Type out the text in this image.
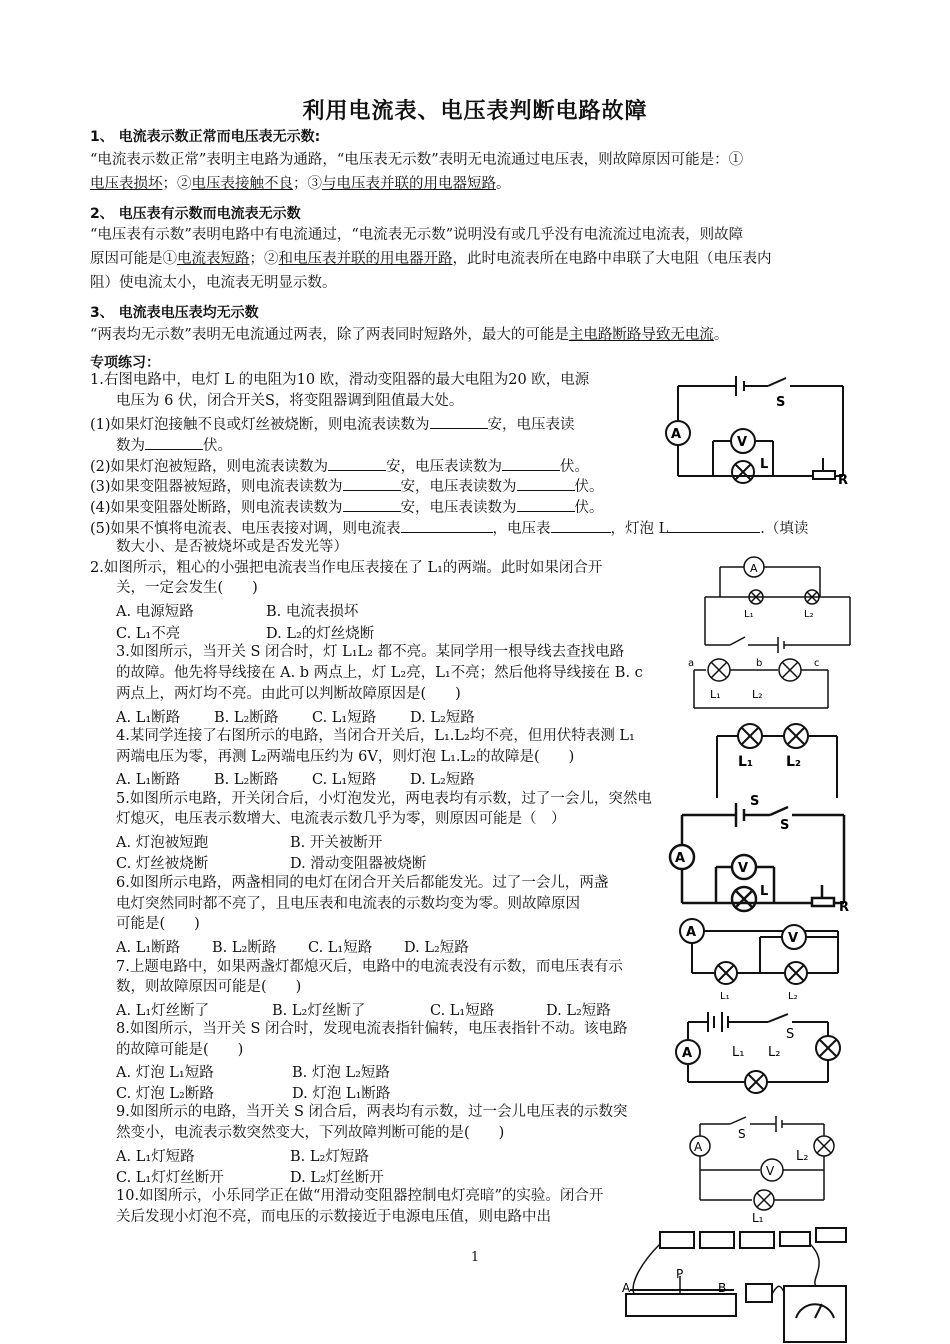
利用电流表、电压表判断电路故障
1、 电流表示数正常而电压表无示数:
“电流表示数正常”表明主电路为通路，“电压表无示数”表明无电流通过电压表，则故障原因可能是：①
电压表损坏；②电压表接触不良；③与电压表并联的用电器短路。
2、 电压表有示数而电流表无示数
“电压表有示数”表明电路中有电流通过，“电流表无示数”说明没有或几乎没有电流流过电流表，则故障
原因可能是①电流表短路；②和电压表并联的用电器开路，此时电流表所在电路中串联了大电阻（电压表内
阻）使电流太小，电流表无明显示数。
3、 电流表电压表均无示数
“两表均无示数”表明无电流通过两表，除了两表同时短路外，最大的可能是主电路断路导致无电流。
专项练习：
1.右图电路中，电灯 L 的电阻为10 欧，滑动变阻器的最大电阻为20 欧，电源
电压为 6 伏，闭合开关S，将变阻器调到阻值最大处。
(1)如果灯泡接触不良或灯丝被烧断，则电流表读数为	安，电压表读
数为	伏。
(2)如果灯泡被短路，则电流表读数为	安，电压表读数为	伏。
(3)如果变阻器被短路，则电流表读数为	安，电压表读数为	伏。
(4)如果变阻器处断路，则电流表读数为	安，电压表读数为	伏。
(5)如果不慎将电流表、电压表接对调，则电流表	，电压表	，灯泡 L	.（填读
数大小、是否被烧坏或是否发光等）
2.如图所示，粗心的小强把电流表当作电压表接在了 L₁的两端。此时如果闭合开
关，一定会发生(　　)
A. 电源短路	B. 电流表损坏
C. L₁不亮	D. L₂的灯丝烧断
3.如图所示，当开关 S 闭合时，灯 L₁L₂ 都不亮。某同学用一根导线去查找电路
的故障。他先将导线接在 A. b 两点上，灯 L₂亮，L₁不亮；然后他将导线接在 B. c
两点上，两灯均不亮。由此可以判断故障原因是(　　)
A. L₁断路 B. L₂断路 C. L₁短路 D. L₂短路
4.某同学连接了右图所示的电路，当闭合开关后，L₁.L₂均不亮，但用伏特表测 L₁
两端电压为零，再测 L₂两端电压约为 6V，则灯泡 L₁.L₂的故障是(　　)
A. L₁断路 B. L₂断路 C. L₁短路 D. L₂短路
5.如图所示电路，开关闭合后，小灯泡发光，两电表均有示数，过了一会儿，突然电
灯熄灭，电压表示数增大、电流表示数几乎为零，则原因可能是（　）
A. 灯泡被短跑	B. 开关被断开
C. 灯丝被烧断	D. 滑动变阻器被烧断
6.如图所示电路，两盏相同的电灯在闭合开关后都能发光。过了一会儿，两盏
电灯突然同时都不亮了，且电压表和电流表的示数均变为零。则故障原因
可能是(　　)
A. L₁断路 B. L₂断路 C. L₁短路 D. L₂短路
7.上题电路中，如果两盏灯都熄灭后，电路中的电流表没有示数，而电压表有示
数，则故障原因可能是(　　)
A. L₁灯丝断了	B. L₂灯丝断了	C. L₁短路	D. L₂短路
8.如图所示，当开关 S 闭合时，发现电流表指针偏转，电压表指针不动。该电路
的故障可能是(　　)
A. 灯泡 L₁短路	B. 灯泡 L₂短路
C. 灯泡 L₂断路	D. 灯泡 L₁断路
9.如图所示的电路，当开关 S 闭合后，两表均有示数，过一会儿电压表的示数突
然变小，电流表示数突然变大，下列故障判断可能的是(　　)
A. L₁灯短路	B. L₂灯短路
C. L₁灯灯丝断开	D. L₂灯丝断开
10.如图所示，小乐同学正在做“用滑动变阻器控制电灯亮暗”的实验。闭合开
关后发现小灯泡不亮，而电压的示数接近于电源电压值，则电路中出
1
A
V
L
S
R
A
L₁	L₂
a	b	c
L₁	L₂
L₁ L₂
A
V
L
S
S
R
A	V
L₁	L₂
A
S
L₁ L₂
A
V
S
L₂
L₁
A
P
B
